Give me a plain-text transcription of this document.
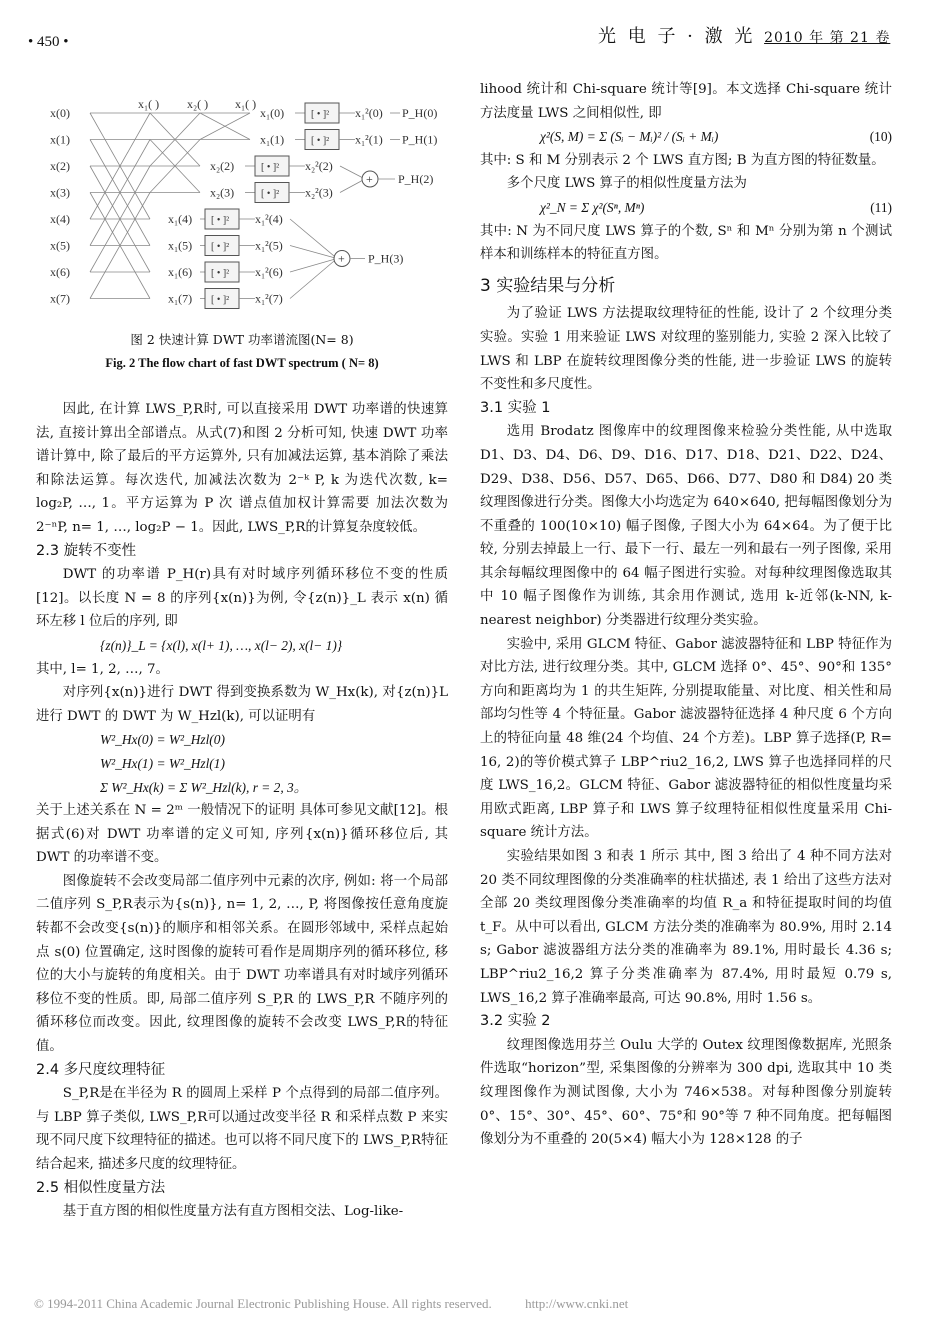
• 450 •	光 电 子 · 激 光 2010 年 第 21 卷
x(0)
x(1)
x(2)
x(3)
x(4)
x(5)
x(6)
x(7)
x₁( ) x₂( ) x₁( )
x₁(0)	[ • ]² x₁²(0) P_H(0)
x₁(1)	[ • ]² x₁²(1) P_H(1)
x₂(2)	[ • ]² x₂²(2)
x₂(3)	[ • ]² x₂²(3)
+ P_H(2)
x₁(4) [ • ]² x₁²(4)
x₁(5) [ • ]² x₁²(5)
x₁(6) [ • ]² x₁²(6)
x₁(7) [ • ]² x₁²(7)
+ P_H(3)
图 2 快速计算 DWT 功率谱流图(N= 8)
Fig. 2 The flow chart of fast DWT spectrum ( N= 8)

因此, 在计算 LWS_P,R时, 可以直接采用 DWT 功率谱的快速算法, 直接计算出全部谱点。从式(7)和图 2 分析可知, 快速 DWT 功率谱计算中, 除了最后的平方运算外, 只有加减法运算, 基本消除了乘法和除法运算。每次迭代, 加减法次数为 2⁻ᵏ P, k 为迭代次数, k= log₂P, …, 1。平方运算为 P 次 谱点值加权计算需要 加法次数为 2⁻ⁿP, n= 1, …, log₂P − 1。因此, LWS_P,R的计算复杂度较低。

2.3 旋转不变性

DWT 的功率谱 P_H(r)具有对时域序列循环移位不变的性质[12]。以长度 N = 8 的序列{x(n)}为例, 令{z(n)}_L 表示 x(n) 循环左移 l 位后的序列, 即

{z(n)}_L = {x(l), x(l+ 1), …, x(l− 2), x(l− 1)}

其中, l= 1, 2, …, 7。

对序列{x(n)}进行 DWT 得到变换系数为 W_Hx(k), 对{z(n)}L 进行 DWT 的 DWT 为 W_Hzl(k), 可以证明有

W²_Hx(0) = W²_Hzl(0)

W²_Hx(1) = W²_Hzl(1)

Σ W²_Hx(k) = Σ W²_Hzl(k), r = 2, 3。

关于上述关系在 N = 2ᵐ 一般情况下的证明 具体可参见文献[12]。根据式(6)对 DWT 功率谱的定义可知, 序列{x(n)}循环移位后, 其 DWT 的功率谱不变。

图像旋转不会改变局部二值序列中元素的次序, 例如: 将一个局部二值序列 S_P,R表示为{s(n)}, n= 1, 2, …, P, 将图像按任意角度旋转都不会改变{s(n)}的顺序和相邻关系。在圆形邻域中, 采样点起始点 s(0) 位置确定, 这时图像的旋转可看作是周期序列的循环移位, 移位的大小与旋转的角度相关。由于 DWT 功率谱具有对时域序列循环移位不变的性质。即, 局部二值序列 S_P,R 的 LWS_P,R 不随序列的循环移位而改变。因此, 纹理图像的旋转不会改变 LWS_P,R的特征值。

2.4 多尺度纹理特征

S_P,R是在半径为 R 的圆周上采样 P 个点得到的局部二值序列。与 LBP 算子类似, LWS_P,R可以通过改变半径 R 和采样点数 P 来实现不同尺度下纹理特征的描述。也可以将不同尺度下的 LWS_P,R特征结合起来, 描述多尺度的纹理特征。

2.5 相似性度量方法

基于直方图的相似性度量方法有直方图相交法、Log-like-

lihood 统计和 Chi-square 统计等[9]。本文选择 Chi-square 统计方法度量 LWS 之间相似性, 即

χ²(S, M) = Σ (Sᵢ − Mᵢ)² / (Sᵢ + Mᵢ)	(10)

其中: S 和 M 分别表示 2 个 LWS 直方图; B 为直方图的特征数量。

多个尺度 LWS 算子的相似性度量方法为

χ²_N = Σ χ²(Sⁿ, Mⁿ)	(11)

其中: N 为不同尺度 LWS 算子的个数, Sⁿ 和 Mⁿ 分别为第 n 个测试样本和训练样本的特征直方图。

3 实验结果与分析

为了验证 LWS 方法提取纹理特征的性能, 设计了 2 个纹理分类实验。实验 1 用来验证 LWS 对纹理的鉴别能力, 实验 2 深入比较了 LWS 和 LBP 在旋转纹理图像分类的性能, 进一步验证 LWS 的旋转不变性和多尺度性。

3.1 实验 1

选用 Brodatz 图像库中的纹理图像来检验分类性能, 从中选取 D1、D3、D4、D6、D9、D16、D17、D18、D21、D22、D24、D29、D38、D56、D57、D65、D66、D77、D80 和 D84) 20 类纹理图像进行分类。图像大小均选定为 640×640, 把每幅图像划分为不重叠的 100(10×10) 幅子图像, 子图大小为 64×64。为了便于比较, 分别去掉最上一行、最下一行、最左一列和最右一列子图像, 采用其余每幅纹理图像中的 64 幅子图进行实验。对每种纹理图像选取其中 10 幅子图像作为训练, 其余用作测试, 选用 k-近邻(k-NN, k- nearest neighbor) 分类器进行纹理分类实验。

实验中, 采用 GLCM 特征、Gabor 滤波器特征和 LBP 特征作为对比方法, 进行纹理分类。其中, GLCM 选择 0°、45°、90°和 135°方向和距离均为 1 的共生矩阵, 分别提取能量、对比度、相关性和局部均匀性等 4 个特征量。Gabor 滤波器特征选择 4 种尺度 6 个方向上的特征向量 48 维(24 个均值、24 个方差)。LBP 算子选择(P, R= 16, 2)的等价模式算子 LBP^riu2_16,2, LWS 算子也选择同样的尺度 LWS_16,2。GLCM 特征、Gabor 滤波器特征的相似性度量均采用欧式距离, LBP 算子和 LWS 算子纹理特征相似性度量采用 Chi-square 统计方法。

实验结果如图 3 和表 1 所示 其中, 图 3 给出了 4 种不同方法对 20 类不同纹理图像的分类准确率的柱状描述, 表 1 给出了这些方法对全部 20 类纹理图像分类准确率的均值 R_a 和特征提取时间的均值 t_F。从中可以看出, GLCM 方法分类的准确率为 80.9%, 用时 2.14 s; Gabor 滤波器组方法分类的准确率为 89.1%, 用时最长 4.36 s; LBP^riu2_16,2 算子分类准确率为 87.4%, 用时最短 0.79 s, LWS_16,2 算子准确率最高, 可达 90.8%, 用时 1.56 s。

3.2 实验 2

纹理图像选用芬兰 Oulu 大学的 Outex 纹理图像数据库, 光照条件选取“horizon”型, 采集图像的分辨率为 300 dpi, 选取其中 10 类纹理图像作为测试图像, 大小为 746×538。对每种图像分别旋转 0°、15°、30°、45°、60°、75°和 90°等 7 种不同角度。把每幅图像划分为不重叠的 20(5×4) 幅大小为 128×128 的子

© 1994-2011 China Academic Journal Electronic Publishing House. All rights reserved.	http://www.cnki.net
